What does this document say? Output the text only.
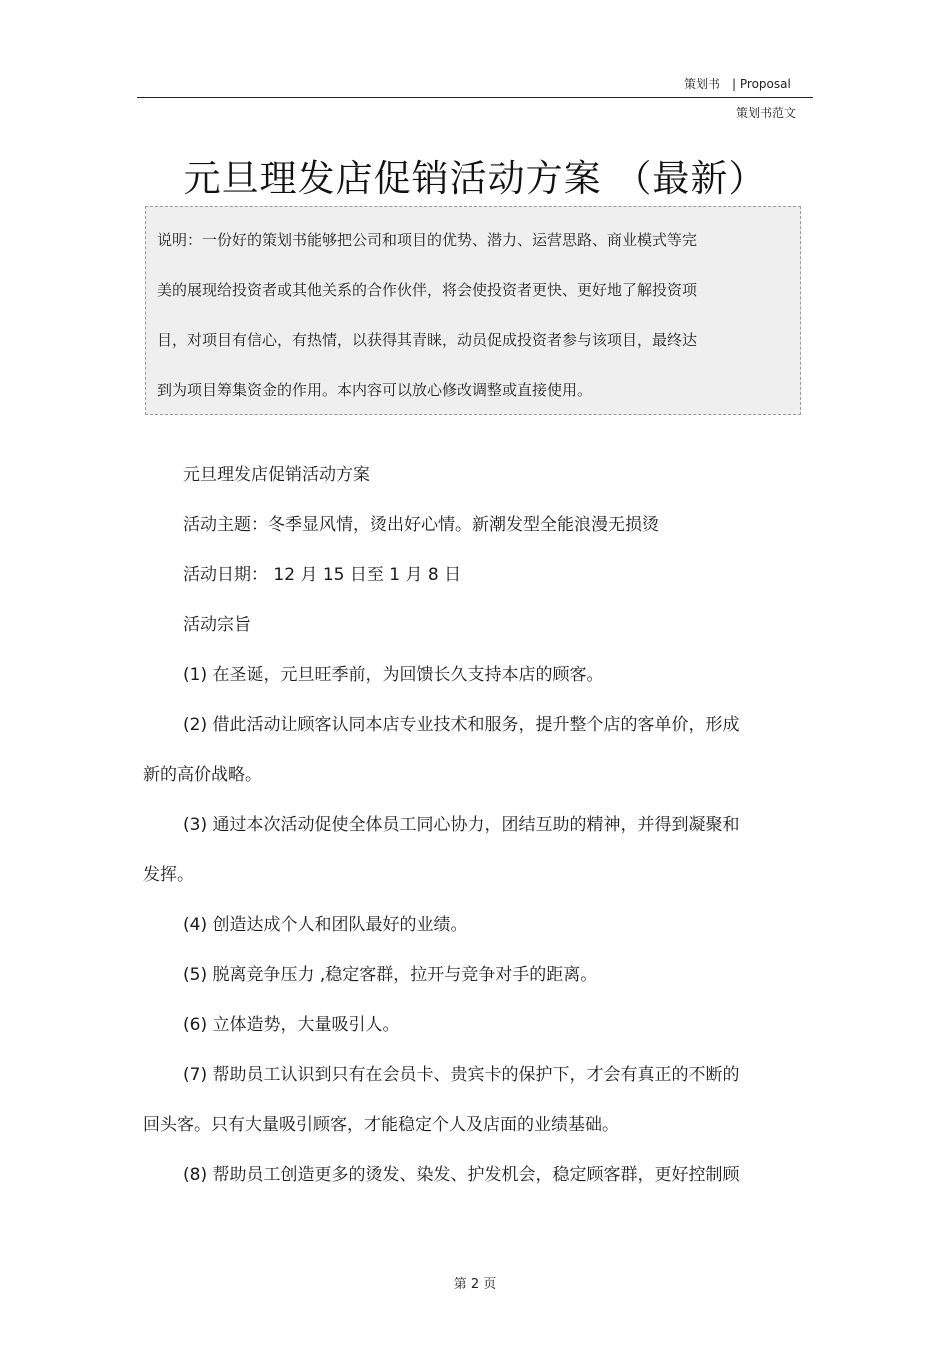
策划书 | Proposal
策划书范文
元旦理发店促销活动方案 （最新）
说明：一份好的策划书能够把公司和项目的优势、潜力、运营思路、商业模式等完
美的展现给投资者或其他关系的合作伙伴，将会使投资者更快、更好地了解投资项
目，对项目有信心，有热情，以获得其青睐，动员促成投资者参与该项目，最终达
到为项目筹集资金的作用。本内容可以放心修改调整或直接使用。
元旦理发店促销活动方案
活动主题：冬季显风情，烫出好心情。新潮发型全能浪漫无损烫
活动日期： 12 月 15 日至 1 月 8 日
活动宗旨
(1) 在圣诞，元旦旺季前，为回馈长久支持本店的顾客。
(2) 借此活动让顾客认同本店专业技术和服务，提升整个店的客单价，形成
新的高价战略。
(3) 通过本次活动促使全体员工同心协力，团结互助的精神，并得到凝聚和
发挥。
(4) 创造达成个人和团队最好的业绩。
(5) 脱离竞争压力 ,稳定客群，拉开与竞争对手的距离。
(6) 立体造势，大量吸引人。
(7) 帮助员工认识到只有在会员卡、贵宾卡的保护下，才会有真正的不断的
回头客。只有大量吸引顾客，才能稳定个人及店面的业绩基础。
(8) 帮助员工创造更多的烫发、染发、护发机会，稳定顾客群，更好控制顾
第 2 页
